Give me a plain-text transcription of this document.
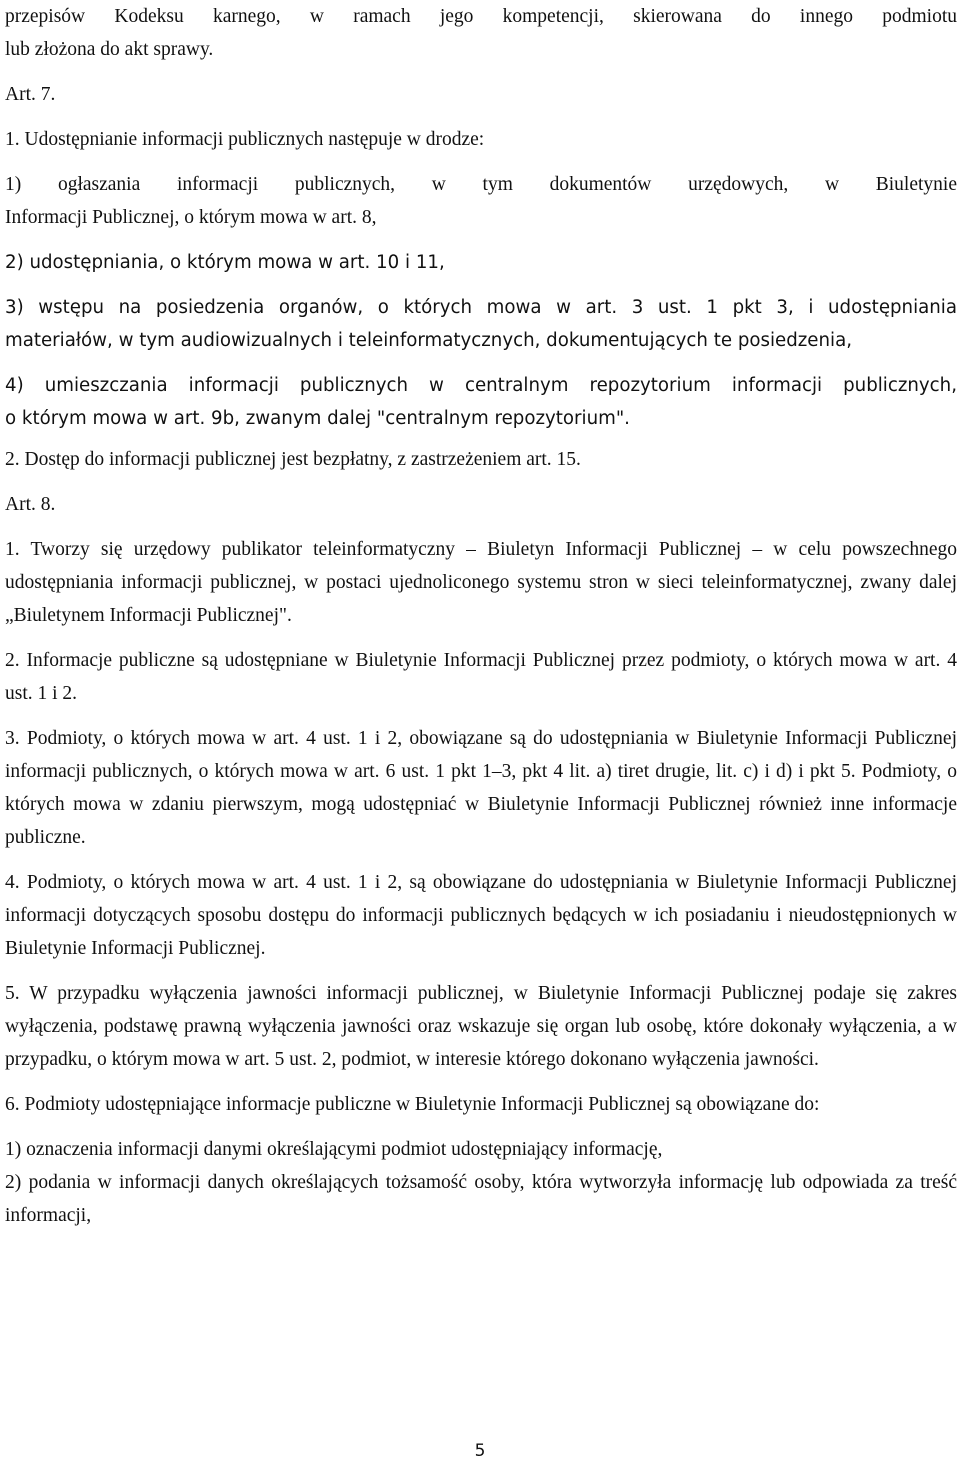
przepisów Kodeksu karnego, w ramach jego kompetencji, skierowana do innego podmiotu

lub złożona do akt sprawy.

Art. 7.

1. Udostępnianie informacji publicznych następuje w drodze:

1) ogłaszania informacji publicznych, w tym dokumentów urzędowych, w Biuletynie

Informacji Publicznej, o którym mowa w art. 8,

2) udostępniania, o którym mowa w art. 10 i 11,

3) wstępu na posiedzenia organów, o których mowa w art. 3 ust. 1 pkt 3, i udostępniania

materiałów, w tym audiowizualnych i teleinformatycznych, dokumentujących te posiedzenia,

4) umieszczania informacji publicznych w centralnym repozytorium informacji publicznych,

o którym mowa w art. 9b, zwanym dalej "centralnym repozytorium".

2. Dostęp do informacji publicznej jest bezpłatny, z zastrzeżeniem art. 15.

Art. 8.

1. Tworzy się urzędowy publikator teleinformatyczny – Biuletyn Informacji Publicznej – w celu powszechnego udostępniania informacji publicznej, w postaci ujednoliconego systemu stron w sieci teleinformatycznej, zwany dalej „Biuletynem Informacji Publicznej".

2. Informacje publiczne są udostępniane w Biuletynie Informacji Publicznej przez podmioty, o których mowa w art. 4 ust. 1 i 2.

3. Podmioty, o których mowa w art. 4 ust. 1 i 2, obowiązane są do udostępniania w Biuletynie Informacji Publicznej informacji publicznych, o których mowa w art. 6 ust. 1 pkt 1–3, pkt 4 lit. a) tiret drugie, lit. c) i d) i pkt 5. Podmioty, o których mowa w zdaniu pierwszym, mogą udostępniać w Biuletynie Informacji Publicznej również inne informacje publiczne.

4. Podmioty, o których mowa w art. 4 ust. 1 i 2, są obowiązane do udostępniania w Biuletynie Informacji Publicznej informacji dotyczących sposobu dostępu do informacji publicznych będących w ich posiadaniu i nieudostępnionych w Biuletynie Informacji Publicznej.

5. W przypadku wyłączenia jawności informacji publicznej, w Biuletynie Informacji Publicznej podaje się zakres wyłączenia, podstawę prawną wyłączenia jawności oraz wskazuje się organ lub osobę, które dokonały wyłączenia, a w przypadku, o którym mowa w art. 5 ust. 2, podmiot, w interesie którego dokonano wyłączenia jawności.

6. Podmioty udostępniające informacje publiczne w Biuletynie Informacji Publicznej są obowiązane do:

1) oznaczenia informacji danymi określającymi podmiot udostępniający informację,

2) podania w informacji danych określających tożsamość osoby, która wytworzyła informację lub odpowiada za treść informacji,

5
